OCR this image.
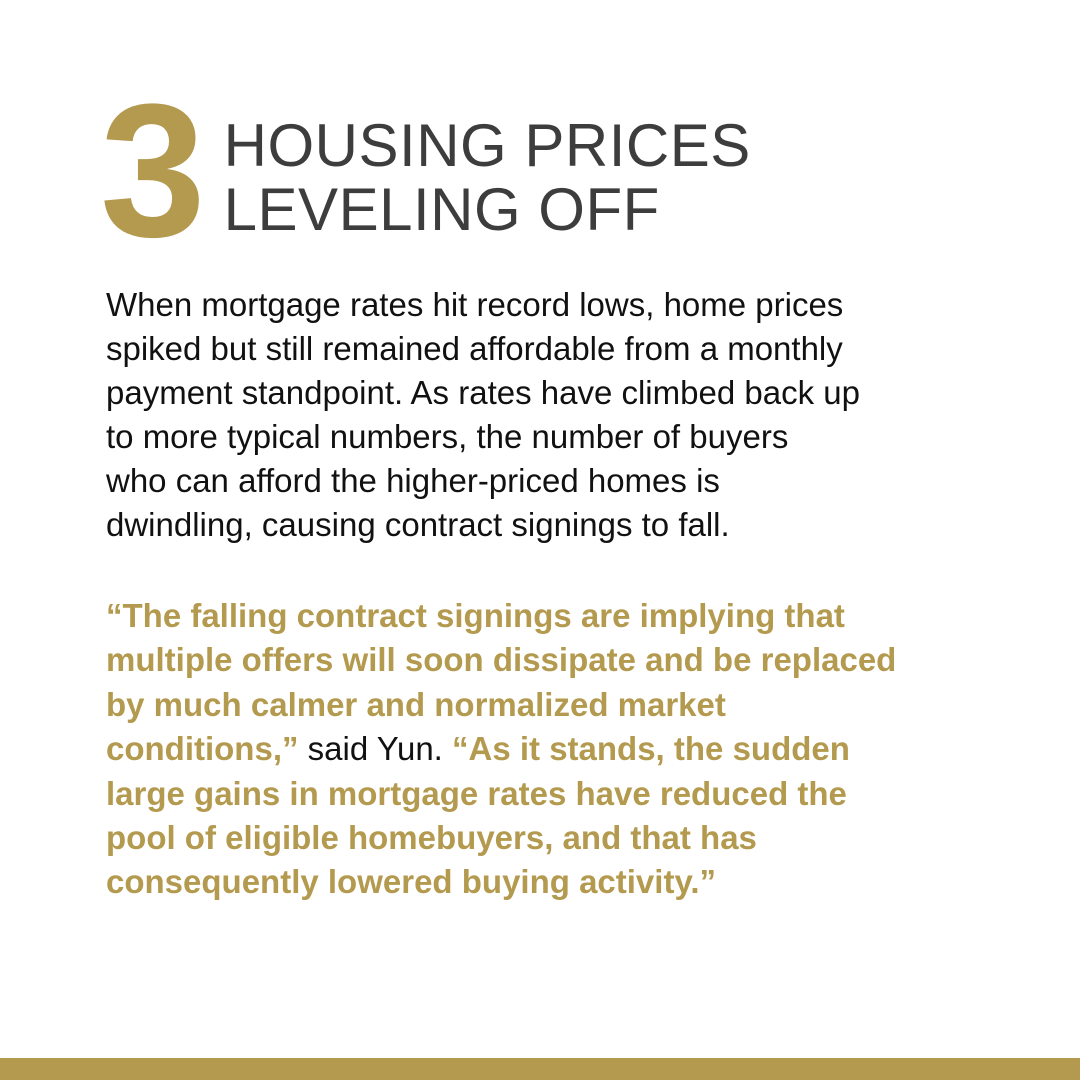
3 HOUSING PRICES
LEVELING OFF
When mortgage rates hit record lows, home prices
spiked but still remained affordable from a monthly
payment standpoint. As rates have climbed back up
to more typical numbers, the number of buyers
who can afford the higher-priced homes is
dwindling, causing contract signings to fall.
“The falling contract signings are implying that
multiple offers will soon dissipate and be replaced
by much calmer and normalized market
conditions,” said Yun. “As it stands, the sudden
large gains in mortgage rates have reduced the
pool of eligible homebuyers, and that has
consequently lowered buying activity.”
